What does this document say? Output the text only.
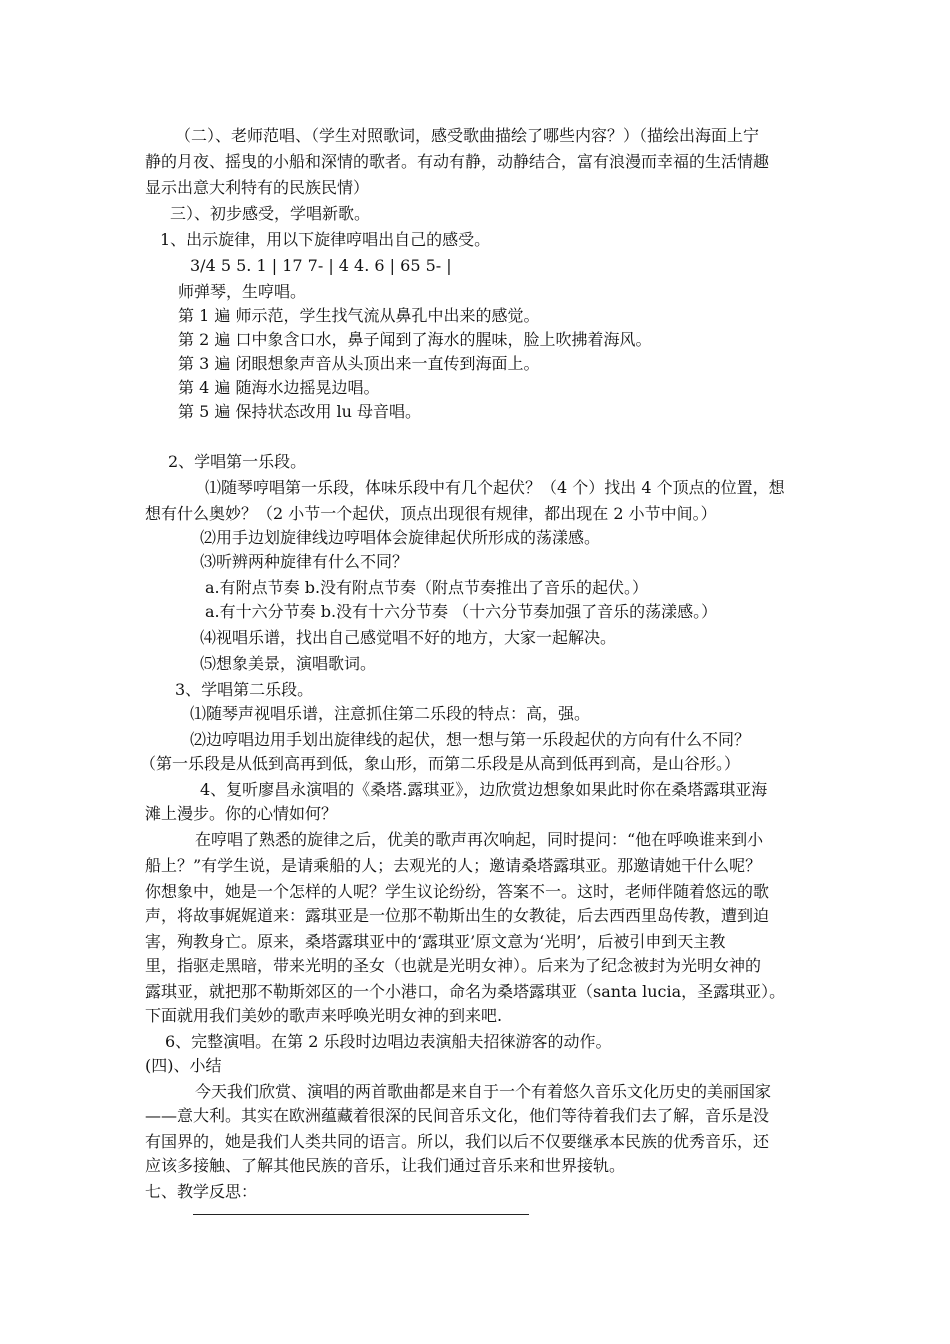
（二）、老师范唱、（学生对照歌词，感受歌曲描绘了哪些内容？）（描绘出海面上宁
静的月夜、摇曳的小船和深情的歌者。有动有静，动静结合，富有浪漫而幸福的生活情趣
显示出意大利特有的民族民情）
三）、初步感受，学唱新歌。
1、出示旋律，用以下旋律哼唱出自己的感受。
3/4 5 5. 1 | 17 7- | 4 4. 6 | 65 5- |
师弹琴，生哼唱。
第 1 遍 师示范，学生找气流从鼻孔中出来的感觉。
第 2 遍 口中象含口水，鼻子闻到了海水的腥味，脸上吹拂着海风。
第 3 遍 闭眼想象声音从头顶出来一直传到海面上。
第 4 遍 随海水边摇晃边唱。
第 5 遍 保持状态改用 lu 母音唱。
2、学唱第一乐段。
⑴随琴哼唱第一乐段，体味乐段中有几个起伏？（4 个）找出 4 个顶点的位置，想
想有什么奥妙？（2 小节一个起伏，顶点出现很有规律，都出现在 2 小节中间。）
⑵用手边划旋律线边哼唱体会旋律起伏所形成的荡漾感。
⑶听辨两种旋律有什么不同？
a.有附点节奏 b.没有附点节奏（附点节奏推出了音乐的起伏。）
a.有十六分节奏 b.没有十六分节奏 （十六分节奏加强了音乐的荡漾感。）
⑷视唱乐谱，找出自己感觉唱不好的地方，大家一起解决。
⑸想象美景，演唱歌词。
3、学唱第二乐段。
⑴随琴声视唱乐谱，注意抓住第二乐段的特点：高，强。
⑵边哼唱边用手划出旋律线的起伏，想一想与第一乐段起伏的方向有什么不同？
（第一乐段是从低到高再到低，象山形，而第二乐段是从高到低再到高，是山谷形。）
4、复听廖昌永演唱的《桑塔.露琪亚》，边欣赏边想象如果此时你在桑塔露琪亚海
滩上漫步。你的心情如何？
在哼唱了熟悉的旋律之后，优美的歌声再次响起，同时提问：“他在呼唤谁来到小
船上？”有学生说，是请乘船的人；去观光的人；邀请桑塔露琪亚。那邀请她干什么呢？
你想象中，她是一个怎样的人呢？学生议论纷纷，答案不一。这时，老师伴随着悠远的歌
声，将故事娓娓道来：露琪亚是一位那不勒斯出生的女教徒，后去西西里岛传教，遭到迫
害，殉教身亡。原来，桑塔露琪亚中的‘露琪亚’原文意为‘光明’，后被引申到天主教
里，指驱走黑暗，带来光明的圣女（也就是光明女神）。后来为了纪念被封为光明女神的
露琪亚，就把那不勒斯郊区的一个小港口，命名为桑塔露琪亚（santa lucia，圣露琪亚）。
下面就用我们美妙的歌声来呼唤光明女神的到来吧.
6、完整演唱。在第 2 乐段时边唱边表演船夫招徕游客的动作。
(四)、小结
今天我们欣赏、演唱的两首歌曲都是来自于一个有着悠久音乐文化历史的美丽国家
——意大利。其实在欧洲蕴藏着很深的民间音乐文化，他们等待着我们去了解，音乐是没
有国界的，她是我们人类共同的语言。所以，我们以后不仅要继承本民族的优秀音乐，还
应该多接触、了解其他民族的音乐，让我们通过音乐来和世界接轨。
七、教学反思：
